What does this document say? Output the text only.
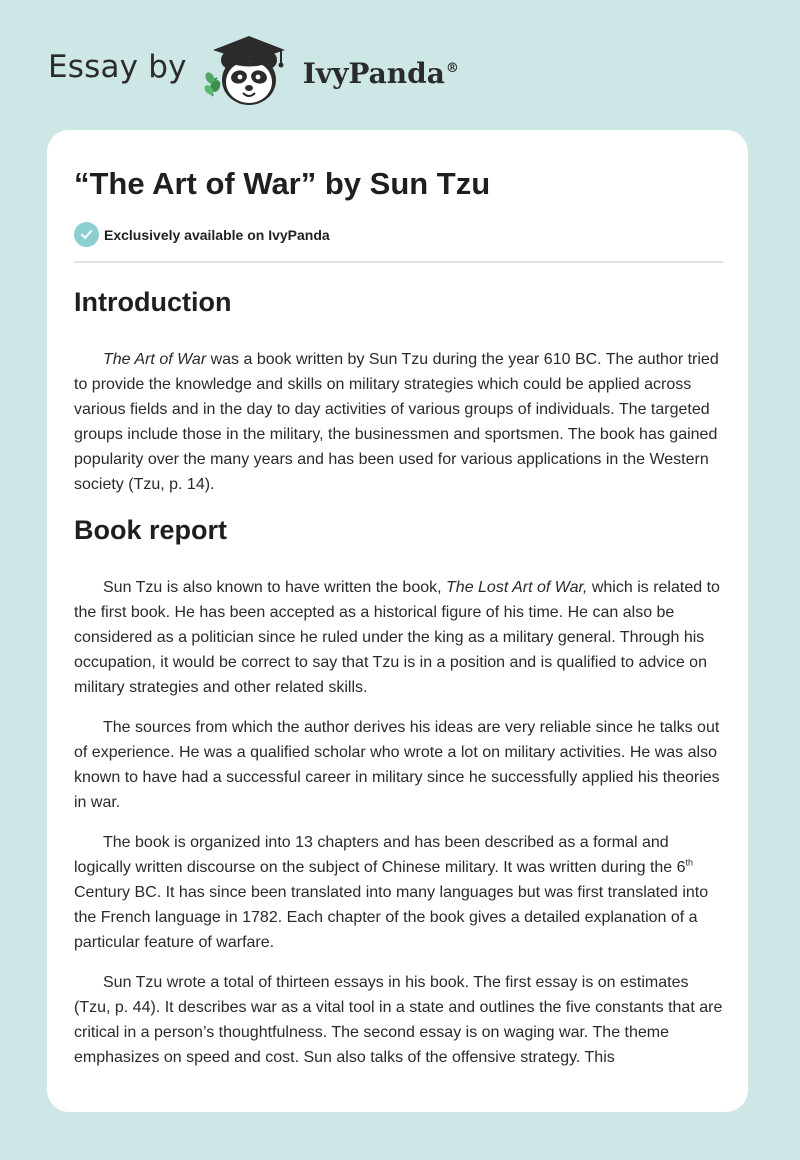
Essay by	IvyPanda®
“The Art of War” by Sun Tzu
Exclusively available on IvyPanda
Introduction

The Art of War was a book written by Sun Tzu during the year 610 BC. The author tried to provide the knowledge and skills on military strategies which could be applied across various fields and in the day to day activities of various groups of individuals. The targeted groups include those in the military, the businessmen and sportsmen. The book has gained popularity over the many years and has been used for various applications in the Western society (Tzu, p. 14).

Book report

Sun Tzu is also known to have written the book, The Lost Art of War, which is related to the first book. He has been accepted as a historical figure of his time. He can also be considered as a politician since he ruled under the king as a military general. Through his occupation, it would be correct to say that Tzu is in a position and is qualified to advice on military strategies and other related skills.

The sources from which the author derives his ideas are very reliable since he talks out of experience. He was a qualified scholar who wrote a lot on military activities. He was also known to have had a successful career in military since he successfully applied his theories in war.

The book is organized into 13 chapters and has been described as a formal and logically written discourse on the subject of Chinese military. It was written during the 6th Century BC. It has since been translated into many languages but was first translated into the French language in 1782. Each chapter of the book gives a detailed explanation of a particular feature of warfare.

Sun Tzu wrote a total of thirteen essays in his book. The first essay is on estimates (Tzu, p. 44). It describes war as a vital tool in a state and outlines the five constants that are critical in a person’s thoughtfulness. The second essay is on waging war. The theme emphasizes on speed and cost. Sun also talks of the offensive strategy. This
